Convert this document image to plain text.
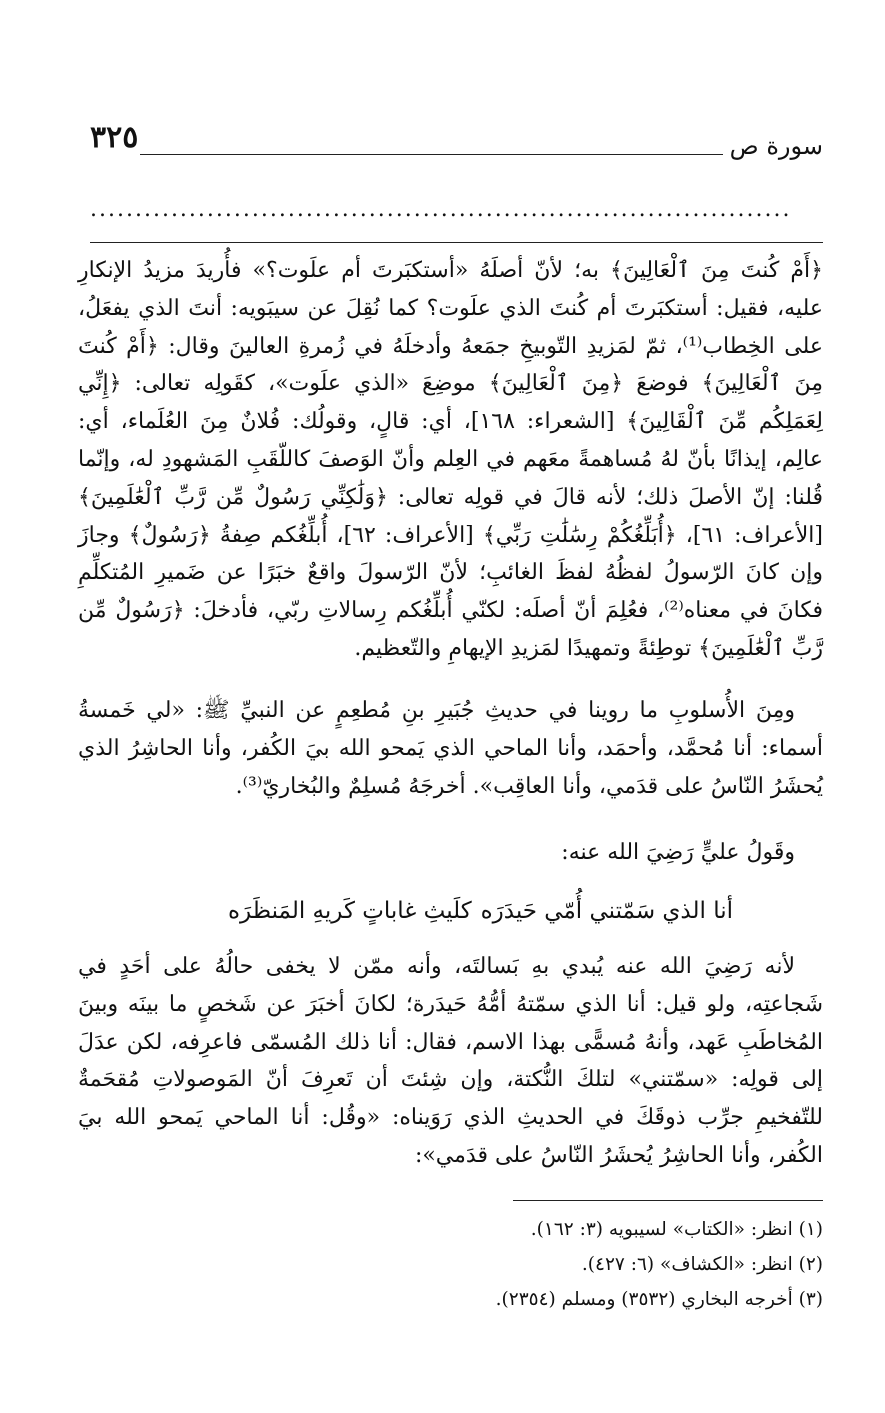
٣٢٥	سورة ص
..............................................................................

﴿أَمْ كُنتَ مِنَ ٱلْعَالِينَ﴾ به؛ لأنّ أصلَهُ «أستكبَرتَ أم علَوت؟» فأُريدَ مزيدُ الإنكارِ عليه، فقيل: أستكبَرتَ أم كُنتَ الذي علَوت؟ كما نُقِلَ عن سيبَويه: أنتَ الذي يفعَلُ، على الخِطاب⁽¹⁾، ثمّ لمَزيدِ التّوبيخِ جمَعهُ وأدخلَهُ في زُمرةِ العالينَ وقال: ﴿أَمْ كُنتَ مِنَ ٱلْعَالِينَ﴾ فوضعَ ﴿مِنَ ٱلْعَالِينَ﴾ موضِعَ «الذي علَوت»، كقَولِه تعالى: ﴿إِنِّي لِعَمَلِكُم مِّنَ ٱلْقَالِينَ﴾ [الشعراء: ١٦٨]، أي: قالٍ، وقولُك: فُلانٌ مِنَ العُلَماء، أي: عالِم، إيذانًا بأنّ لهُ مُساهمةً معَهم في العِلم وأنّ الوَصفَ كاللّقَبِ المَشهودِ له، وإنّما قُلنا: إنّ الأصلَ ذلك؛ لأنه قالَ في قولِه تعالى: ﴿وَلَٰكِنِّي رَسُولٌ مِّن رَّبِّ ٱلْعَٰلَمِينَ﴾ [الأعراف: ٦١]، ﴿أُبَلِّغُكُمْ رِسَٰلَٰتِ رَبِّي﴾ [الأعراف: ٦٢]، أُبلِّغُكم صِفةُ ﴿رَسُولٌ﴾ وجازَ وإن كانَ الرّسولُ لفظُهُ لفظَ الغائبِ؛ لأنّ الرّسولَ واقعٌ خبَرًا عن ضَميرِ المُتكلِّمِ فكانَ في معناه⁽²⁾، فعُلِمَ أنّ أصلَه: لكنّي أُبلِّغُكم رِسالاتِ ربّي، فأدخلَ: ﴿رَسُولٌ مِّن رَّبِّ ٱلْعَٰلَمِينَ﴾ توطِئةً وتمهيدًا لمَزيدِ الإيهامِ والتّعظيم.

ومِنَ الأُسلوبِ ما روينا في حديثِ جُبَيرِ بنِ مُطعِمٍ عن النبيِّ ﷺ: «لي خَمسةُ أسماء: أنا مُحمَّد، وأحمَد، وأنا الماحي الذي يَمحو الله بيَ الكُفر، وأنا الحاشِرُ الذي يُحشَرُ النّاسُ على قدَمي، وأنا العاقِب». أخرجَهُ مُسلِمٌ والبُخاريّ⁽³⁾.

وقَولُ عليٍّ رَضِيَ الله عنه:

أنا الذي سَمّتني أُمّي حَيدَرَه
كلَيثِ غاباتٍ كَريهِ المَنظَرَه

لأنه رَضِيَ الله عنه يُبدي بهِ بَسالتَه، وأنه ممّن لا يخفى حالُهُ على أحَدٍ في شَجاعتِه، ولو قيل: أنا الذي سمّتهُ أمُّهُ حَيدَرة؛ لكانَ أخبَرَ عن شَخصٍ ما بينَه وبينَ المُخاطَبِ عَهد، وأنهُ مُسمًّى بهذا الاسم، فقال: أنا ذلك المُسمّى فاعرِفه، لكن عدَلَ إلى قولِه: «سمّتني» لتلكَ النُّكتة، وإن شِئتَ أن تَعرِفَ أنّ المَوصولاتِ مُقحَمةٌ للتّفخيمِ جرِّب ذوقَكَ في الحديثِ الذي رَوَيناه: «وقُل: أنا الماحي يَمحو الله بيَ الكُفر، وأنا الحاشِرُ يُحشَرُ النّاسُ على قدَمي»:

(١) انظر: «الكتاب» لسيبويه (٣: ١٦٢).
(٢) انظر: «الكشاف» (٦: ٤٢٧).
(٣) أخرجه البخاري (٣٥٣٢) ومسلم (٢٣٥٤).
